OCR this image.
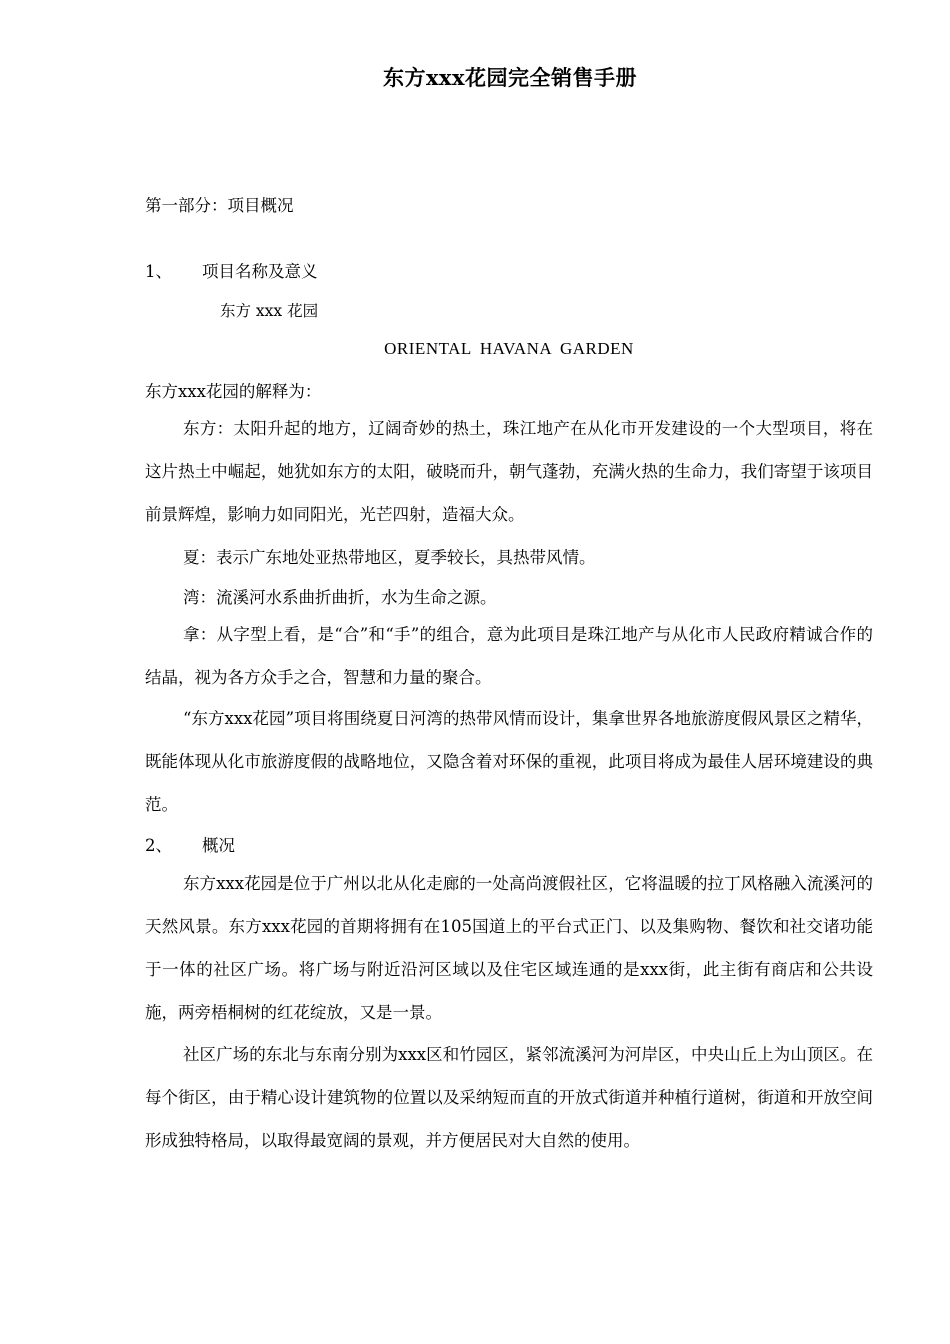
东方xxx花园完全销售手册
第一部分：项目概况
1、 项目名称及意义
东方 xxx 花园
ORIENTAL HAVANA GARDEN
东方xxx花园的解释为：
东方：太阳升起的地方，辽阔奇妙的热土，珠江地产在从化市开发建设的一个大型项目，将在这片热土中崛起，她犹如东方的太阳，破晓而升，朝气蓬勃，充满火热的生命力，我们寄望于该项目前景辉煌，影响力如同阳光，光芒四射，造福大众。
夏：表示广东地处亚热带地区，夏季较长，具热带风情。
湾：流溪河水系曲折曲折，水为生命之源。
拿：从字型上看，是“合”和“手”的组合，意为此项目是珠江地产与从化市人民政府精诚合作的结晶，视为各方众手之合，智慧和力量的聚合。
“东方xxx花园”项目将围绕夏日河湾的热带风情而设计，集拿世界各地旅游度假风景区之精华，既能体现从化市旅游度假的战略地位，又隐含着对环保的重视，此项目将成为最佳人居环境建设的典范。
2、 概况
东方xxx花园是位于广州以北从化走廊的一处高尚渡假社区，它将温暖的拉丁风格融入流溪河的天然风景。东方xxx花园的首期将拥有在105国道上的平台式正门、以及集购物、餐饮和社交诸功能于一体的社区广场。将广场与附近沿河区域以及住宅区域连通的是xxx街，此主街有商店和公共设施，两旁梧桐树的红花绽放，又是一景。
社区广场的东北与东南分别为xxx区和竹园区，紧邻流溪河为河岸区，中央山丘上为山顶区。在每个街区，由于精心设计建筑物的位置以及采纳短而直的开放式街道并种植行道树，街道和开放空间形成独特格局，以取得最宽阔的景观，并方便居民对大自然的使用。
